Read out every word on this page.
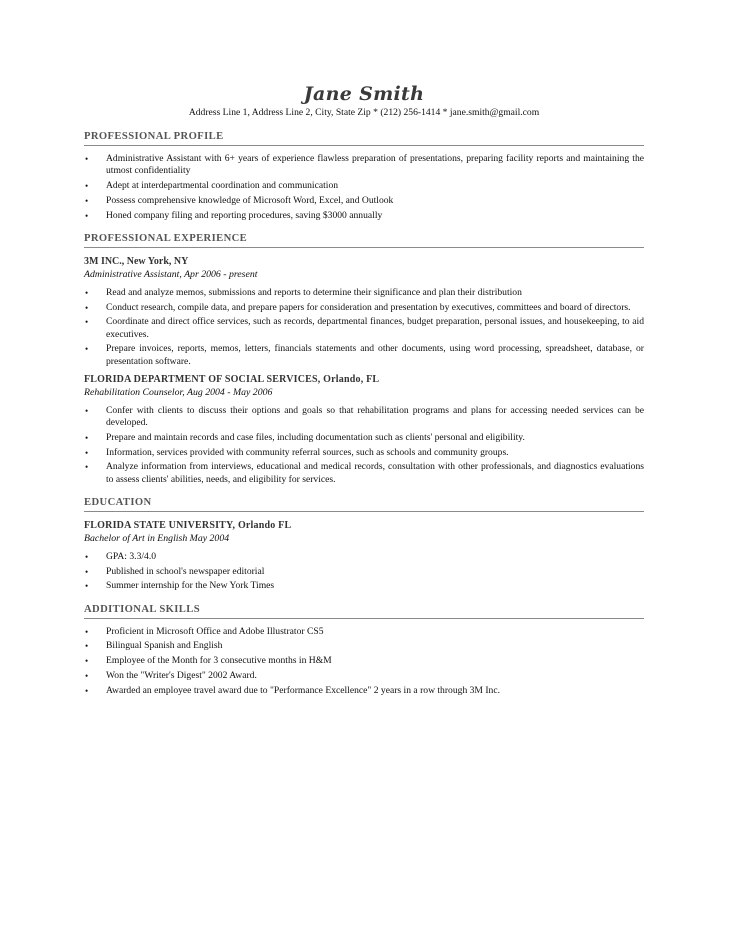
Jane Smith
Address Line 1, Address Line 2, City, State Zip * (212) 256-1414 * jane.smith@gmail.com
PROFESSIONAL PROFILE
• Administrative Assistant with 6+ years of experience flawless preparation of presentations, preparing facility reports and maintaining the utmost confidentiality
• Adept at interdepartmental coordination and communication
• Possess comprehensive knowledge of Microsoft Word, Excel, and Outlook
• Honed company filing and reporting procedures, saving $3000 annually
PROFESSIONAL EXPERIENCE
3M INC., New York, NY
Administrative Assistant, Apr 2006 - present
• Read and analyze memos, submissions and reports to determine their significance and plan their distribution
• Conduct research, compile data, and prepare papers for consideration and presentation by executives, committees and board of directors.
• Coordinate and direct office services, such as records, departmental finances, budget preparation, personal issues, and housekeeping, to aid executives.
• Prepare invoices, reports, memos, letters, financials statements and other documents, using word processing, spreadsheet, database, or presentation software.
FLORIDA DEPARTMENT OF SOCIAL SERVICES, Orlando, FL
Rehabilitation Counselor, Aug 2004 - May 2006
• Confer with clients to discuss their options and goals so that rehabilitation programs and plans for accessing needed services can be developed.
• Prepare and maintain records and case files, including documentation such as clients' personal and eligibility.
• Information, services provided with community referral sources, such as schools and community groups.
• Analyze information from interviews, educational and medical records, consultation with other professionals, and diagnostics evaluations to assess clients' abilities, needs, and eligibility for services.
EDUCATION
FLORIDA STATE UNIVERSITY, Orlando FL
Bachelor of Art in English May 2004
• GPA: 3.3/4.0
• Published in school's newspaper editorial
• Summer internship for the New York Times
ADDITIONAL SKILLS
• Proficient in Microsoft Office and Adobe Illustrator CS5
• Bilingual Spanish and English
• Employee of the Month for 3 consecutive months in H&M
• Won the "Writer's Digest" 2002 Award.
• Awarded an employee travel award due to "Performance Excellence" 2 years in a row through 3M Inc.
